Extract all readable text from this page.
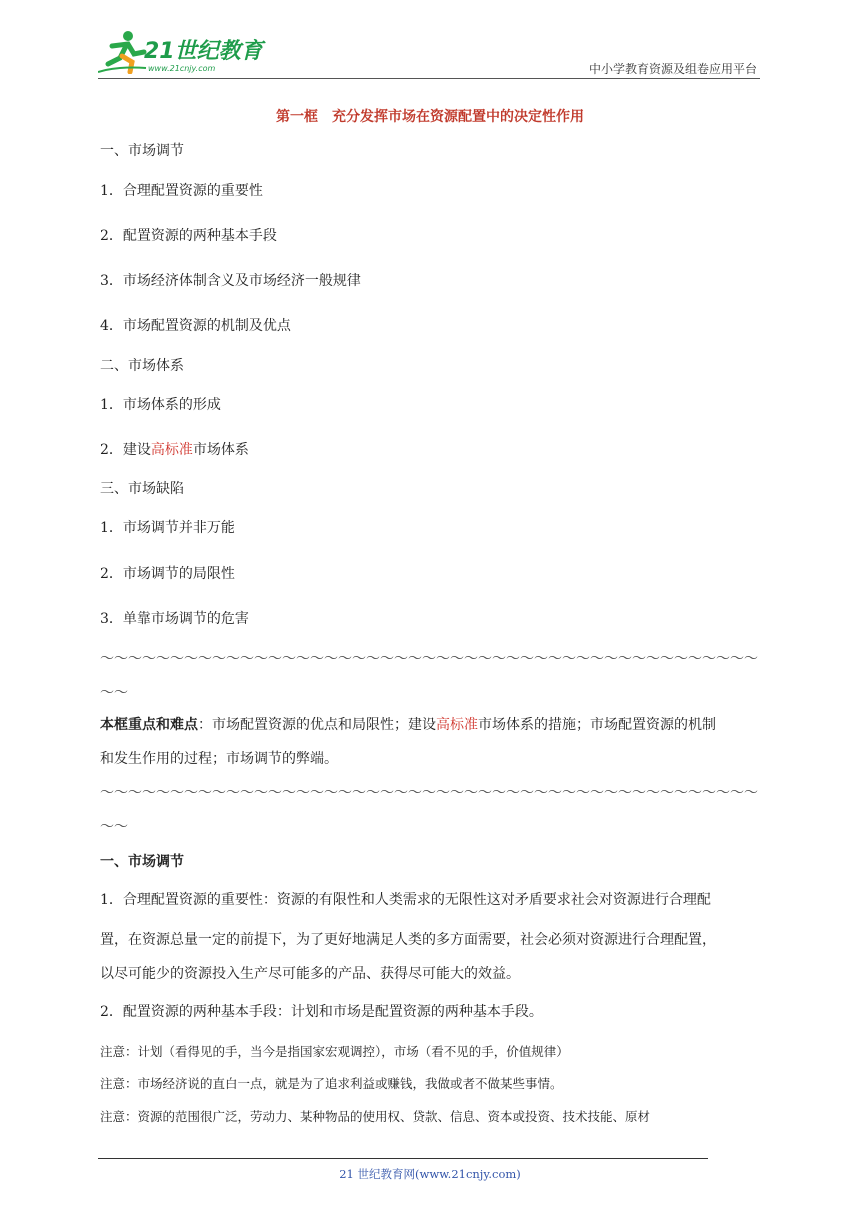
21世纪教育
www.21cnjy.com	中小学教育资源及组卷应用平台
第一框　充分发挥市场在资源配置中的决定性作用
一、市场调节
1．合理配置资源的重要性
2．配置资源的两种基本手段
3．市场经济体制含义及市场经济一般规律
4．市场配置资源的机制及优点
二、市场体系
1．市场体系的形成
2．建设高标准市场体系
三、市场缺陷
1．市场调节并非万能
2．市场调节的局限性
3．单靠市场调节的危害
～～～～～～～～～～～～～～～～～～～～～～～～～～～～～～～～～～～～～～～～～～～～～～～
～～
本框重点和难点：市场配置资源的优点和局限性；建设高标准市场体系的措施；市场配置资源的机制
和发生作用的过程；市场调节的弊端。
～～～～～～～～～～～～～～～～～～～～～～～～～～～～～～～～～～～～～～～～～～～～～～～
～～
一、市场调节
1．合理配置资源的重要性：资源的有限性和人类需求的无限性这对矛盾要求社会对资源进行合理配
置，在资源总量一定的前提下，为了更好地满足人类的多方面需要，社会必须对资源进行合理配置，
以尽可能少的资源投入生产尽可能多的产品、获得尽可能大的效益。
2．配置资源的两种基本手段：计划和市场是配置资源的两种基本手段。
注意：计划（看得见的手，当今是指国家宏观调控），市场（看不见的手，价值规律）
注意：市场经济说的直白一点，就是为了追求利益或赚钱，我做或者不做某些事情。
注意：资源的范围很广泛，劳动力、某种物品的使用权、贷款、信息、资本或投资、技术技能、原材
21 世纪教育网(www.21cnjy.com)
